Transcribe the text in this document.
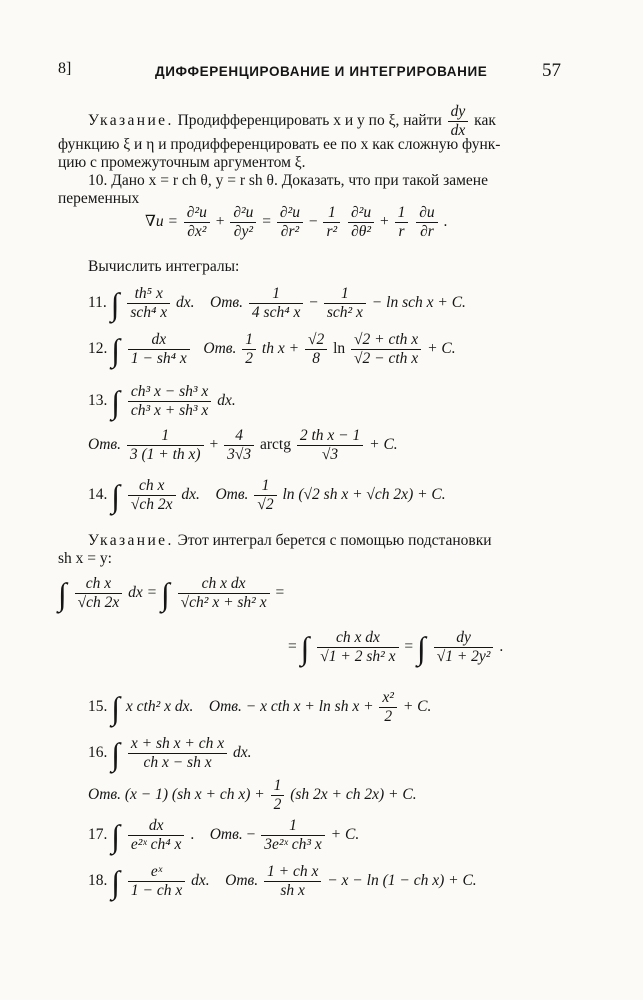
8]	ДИФФЕРЕНЦИРОВАНИЕ И ИНТЕГРИРОВАНИЕ	57
Указание. Продифференцировать x и y по ξ, найти $\frac{dy}{dx}$ как
функцию ξ и η и продифференцировать ее по x как сложную функ-
цию с промежуточным аргументом ξ.
10. Дано x = r ch θ, y = r sh θ. Доказать, что при такой замене
переменных
$\nabla u = \frac{\text{∂²u}}{\text{∂x²}} + \frac{\text{∂²u}}{\text{∂y²}} = \frac{\text{∂²u}}{\text{∂r²}} - \frac{1}{\text{r²}}$
$\frac{\text{∂²u}}{\text{∂θ²}} + \frac{1}{r}$
$\frac{\partial u}{\partial r}$ .
Вычислить интегралы:
11. ∫ $\frac{\text{th⁵ x}}{\text{sch⁴ x}}$ dx. Отв. $\frac{1}{\text{4 sch⁴ x}} - \frac{1}{\text{sch² x}} - \ln$ sch x + C.
12. ∫ $\frac{dx}{\text{1 − sh⁴ x}}$ Отв. $\frac{1}{2}$ th $x + \frac{√2}{8}$ $\ln \frac{\text{√2 + cth x}}{\text{√2 − cth x}} + C$.
13. ∫ $\frac{\text{ch³ x − sh³ x}}{\text{ch³ x + sh³ x}}$ dx.
Отв. $\frac{1}{\text{3 (1 + th x)}} + \frac{4}{3√3}$ arctg $\frac{\text{2 th x − 1}}{√3} + C$.
14. ∫ $\frac{\text{ch x}}{√ch 2x}$ dx. Отв. $\frac{1}{√2}$ ln (√2 sh x + √ch 2x) + C.
Указание. Этот интеграл берется с помощью подстановки
sh x = y:
∫ $\frac{\text{ch x}}{√ch 2x}$ dx = ∫ $\frac{\text{ch x dx}}{\text{√ch² x + sh² x}}$ =
= ∫ $\frac{\text{ch x dx}}{\text{√1 + 2 sh² x}}$ = ∫ $\frac{dy}{\text{√1 + 2y²}}$ .
15. ∫ x cth² x dx. Отв. − x cth x + ln sh $x + \frac{\text{x²}}{2} + C$.
16. ∫ $\frac{\text{x + sh x + ch x}}{\text{ch x − sh x}}$ dx.
Отв. (x − 1) (sh x + ch $x) + \frac{1}{2} (sh$ 2x + ch 2x) + C.
17. ∫ $\frac{dx}{\text{e²ˣ ch⁴ x}}$ . Отв. − $\frac{1}{\text{3e²ˣ ch³ x}} + C$.
18. ∫ $\frac{\text{eˣ}}{\text{1 − ch x}}$ dx. Отв. $\frac{\text{1 + ch x}}{\text{sh x}} - x - \ln (1$ − ch x) + C.
